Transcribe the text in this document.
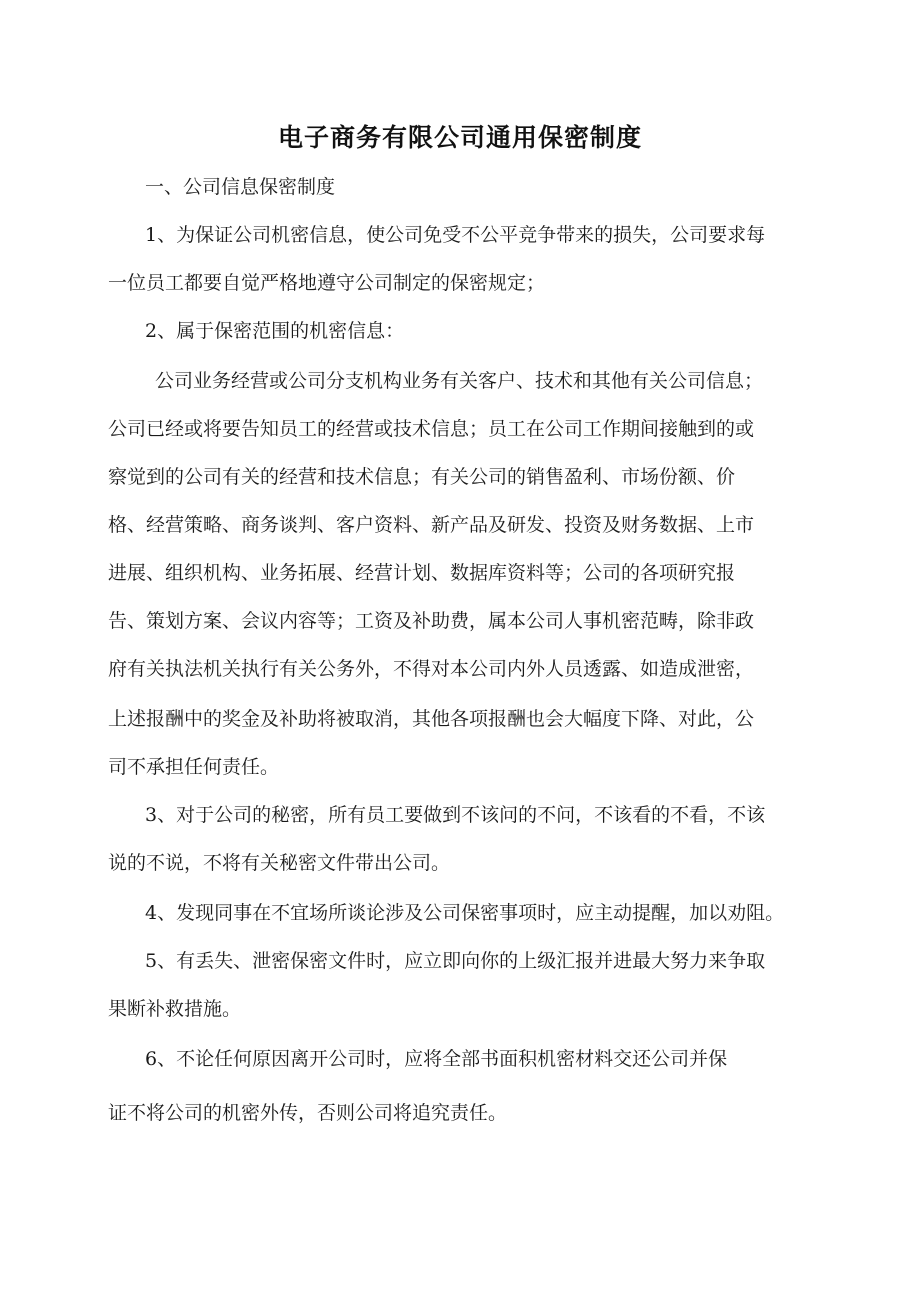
电子商务有限公司通用保密制度
一、公司信息保密制度
1、为保证公司机密信息，使公司免受不公平竞争带来的损失，公司要求每
一位员工都要自觉严格地遵守公司制定的保密规定；
2、属于保密范围的机密信息：
公司业务经营或公司分支机构业务有关客户、技术和其他有关公司信息；
公司已经或将要告知员工的经营或技术信息；员工在公司工作期间接触到的或
察觉到的公司有关的经营和技术信息；有关公司的销售盈利、市场份额、价
格、经营策略、商务谈判、客户资料、新产品及研发、投资及财务数据、上市
进展、组织机构、业务拓展、经营计划、数据库资料等；公司的各项研究报
告、策划方案、会议内容等；工资及补助费，属本公司人事机密范畴，除非政
府有关执法机关执行有关公务外，不得对本公司内外人员透露、如造成泄密，
上述报酬中的奖金及补助将被取消，其他各项报酬也会大幅度下降、对此，公
司不承担任何责任。
3、对于公司的秘密，所有员工要做到不该问的不问，不该看的不看，不该
说的不说，不将有关秘密文件带出公司。
4、发现同事在不宜场所谈论涉及公司保密事项时，应主动提醒，加以劝阻。
5、有丢失、泄密保密文件时，应立即向你的上级汇报并进最大努力来争取
果断补救措施。
6、不论任何原因离开公司时，应将全部书面积机密材料交还公司并保
证不将公司的机密外传，否则公司将追究责任。
